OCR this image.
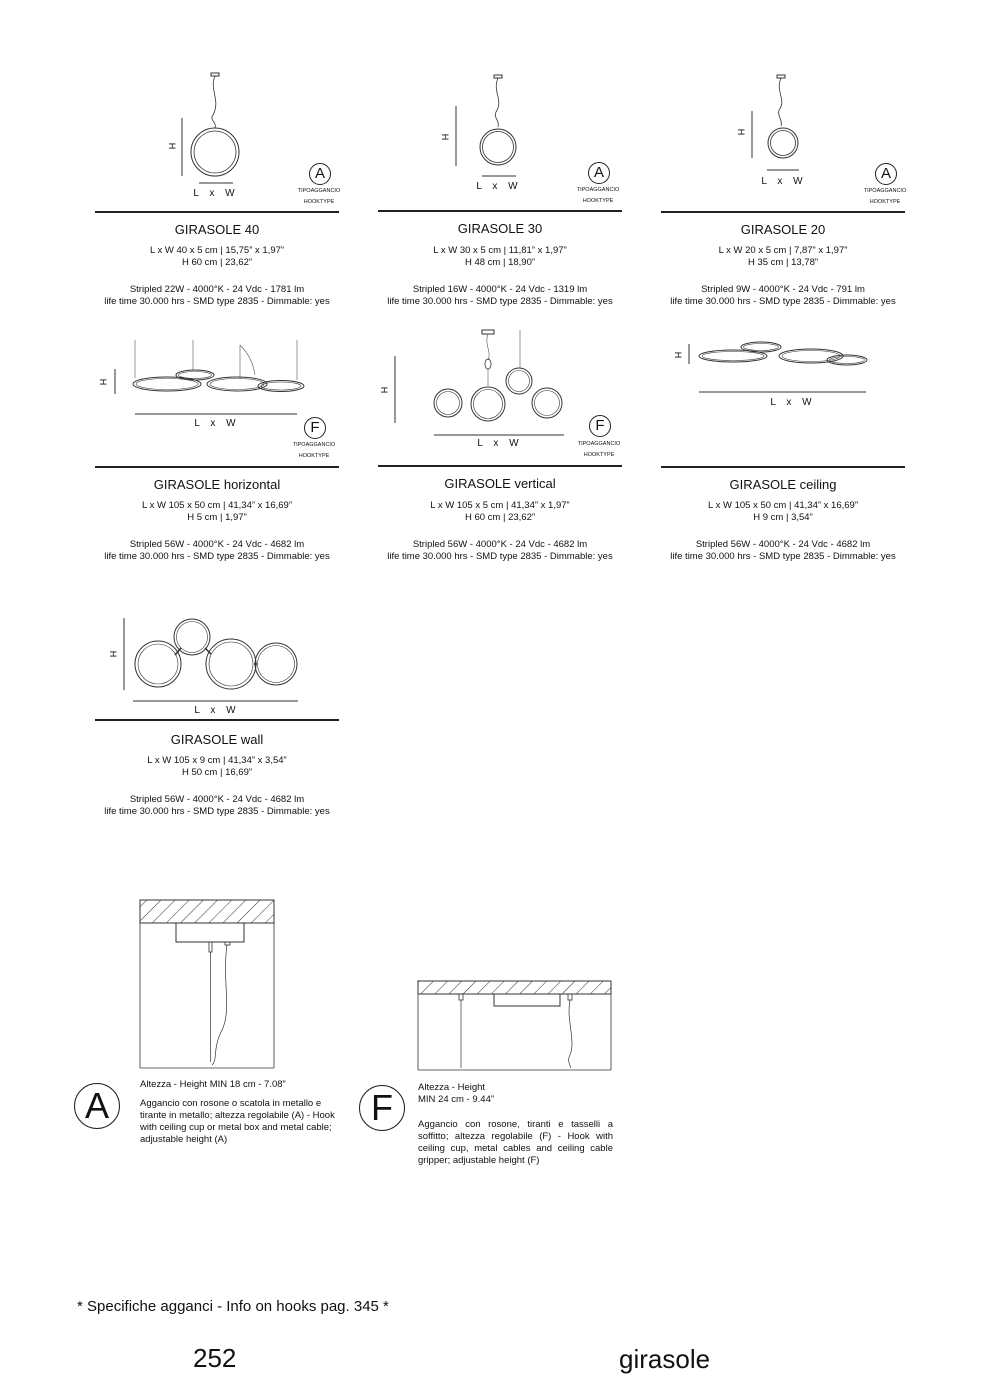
H
L x W
A
TIPOAGGANCIO
HOOKTYPE
GIRASOLE 40
L x W 40 x 5 cm | 15,75” x 1,97”
H 60 cm | 23,62”
Stripled 22W - 4000°K - 24 Vdc - 1781 lm
life time 30.000 hrs - SMD type 2835 - Dimmable: yes
H
L x W
A
TIPOAGGANCIO
HOOKTYPE
GIRASOLE 30
L x W 30 x 5 cm | 11,81” x 1,97”
H 48 cm | 18,90”
Stripled 16W - 4000°K - 24 Vdc - 1319 lm
life time 30.000 hrs - SMD type 2835 - Dimmable: yes
H
L x W	A
TIPOAGGANCIO
HOOKTYPE
GIRASOLE 20
L x W 20 x 5 cm | 7,87” x 1,97”
H 35 cm | 13,78”
Stripled 9W - 4000°K - 24 Vdc - 791 lm
life time 30.000 hrs - SMD type 2835 - Dimmable: yes
H
L x W	F
TIPOAGGANCIO
HOOKTYPE
GIRASOLE horizontal
L x W 105 x 50 cm | 41,34” x 16,69”
H 5 cm | 1,97”
Stripled 56W - 4000°K - 24 Vdc - 4682 lm
life time 30.000 hrs - SMD type 2835 - Dimmable: yes
H
L x W
F
TIPOAGGANCIO
HOOKTYPE
GIRASOLE vertical
L x W 105 x 5 cm | 41,34” x 1,97”
H 60 cm | 23,62”
Stripled 56W - 4000°K - 24 Vdc - 4682 lm
life time 30.000 hrs - SMD type 2835 - Dimmable: yes
H
L x W
GIRASOLE ceiling
L x W 105 x 50 cm | 41,34” x 16,69”
H 9 cm | 3,54”
Stripled 56W - 4000°K - 24 Vdc - 4682 lm
life time 30.000 hrs - SMD type 2835 - Dimmable: yes
H
L x W
GIRASOLE wall
L x W 105 x 9 cm | 41,34” x 3,54”
H 50 cm | 16,69”
Stripled 56W - 4000°K - 24 Vdc - 4682 lm
life time 30.000 hrs - SMD type 2835 - Dimmable: yes
A
Altezza - Height MIN 18 cm - 7.08”
Aggancio con rosone o scatola in metallo e tirante in metallo; altezza regolabile (A) - Hook with ceiling cup or metal box and metal cable; adjustable height (A)
F	Altezza - Height
MIN 24 cm - 9.44”
Aggancio con rosone, tiranti e tasselli a soffitto; altezza regolabile (F) - Hook with ceiling cup, metal cables and ceiling cable gripper; adjustable height (F)
* Specifiche agganci - Info on hooks pag. 345 *
252	girasole
